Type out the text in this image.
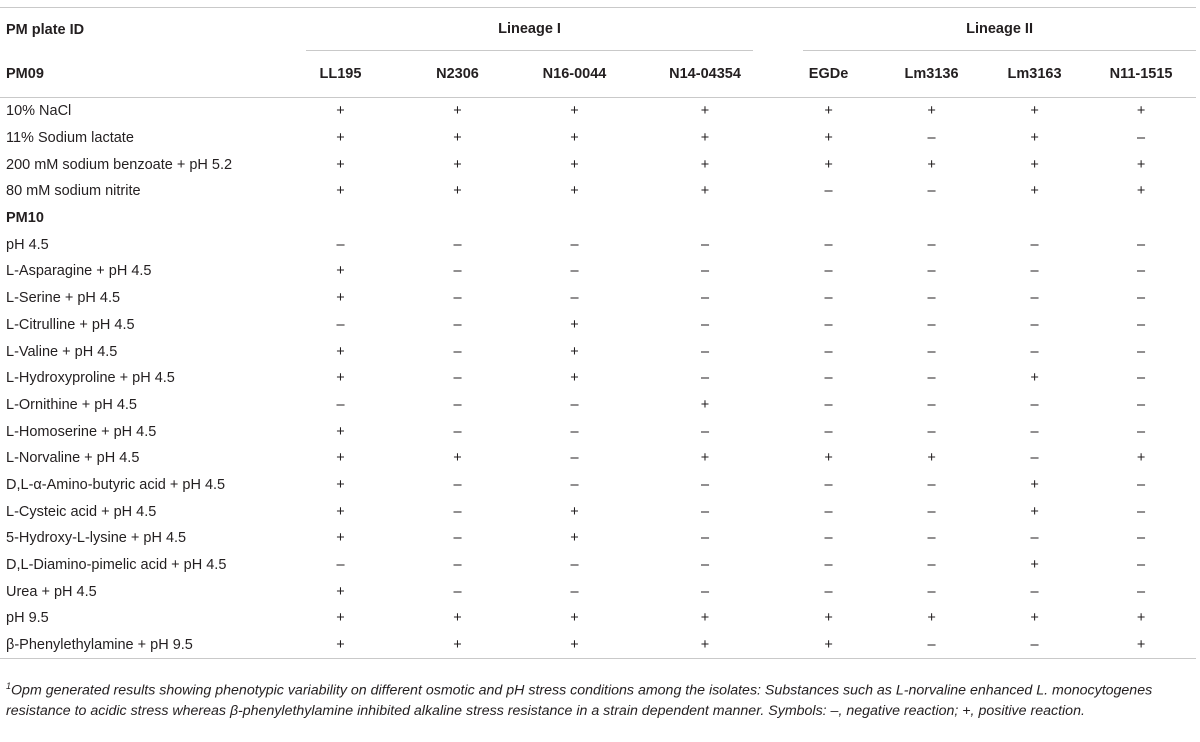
PM plate ID	Lineage I				Lineage II			

PM09	LL195	N2306	N16-0044	N14-04354	EGDe	Lm3136	Lm3163	N11-1515
10% NaCl	+	+	+	+	+	+	+	+
11% Sodium lactate	+	+	+	+	+	–	+	–
200 mM sodium benzoate + pH 5.2	+	+	+	+	+	+	+	+
80 mM sodium nitrite	+	+	+	+	–	–	+	+
PM10								
pH 4.5	–	–	–	–	–	–	–	–
L-Asparagine + pH 4.5	+	–	–	–	–	–	–	–
L-Serine + pH 4.5	+	–	–	–	–	–	–	–
L-Citrulline + pH 4.5	–	–	+	–	–	–	–	–
L-Valine + pH 4.5	+	–	+	–	–	–	–	–
L-Hydroxyproline + pH 4.5	+	–	+	–	–	–	+	–
L-Ornithine + pH 4.5	–	–	–	+	–	–	–	–
L-Homoserine + pH 4.5	+	–	–	–	–	–	–	–
L-Norvaline + pH 4.5	+	+	–	+	+	+	–	+
D,L-α-Amino-butyric acid + pH 4.5	+	–	–	–	–	–	+	–
L-Cysteic acid + pH 4.5	+	–	+	–	–	–	+	–
5-Hydroxy-L-lysine + pH 4.5	+	–	+	–	–	–	–	–
D,L-Diamino-pimelic acid + pH 4.5	–	–	–	–	–	–	+	–
Urea + pH 4.5	+	–	–	–	–	–	–	–
pH 9.5	+	+	+	+	+	+	+	+
β-Phenylethylamine + pH 9.5	+	+	+	+	+	–	–	+
$^1$Opm generated results showing phenotypic variability on different osmotic and pH stress conditions among the isolates: Substances such as L-norvaline enhanced L. monocytogenes resistance to acidic stress whereas β-phenylethylamine inhibited alkaline stress resistance in a strain dependent manner. Symbols: –, negative reaction; +, positive reaction.
